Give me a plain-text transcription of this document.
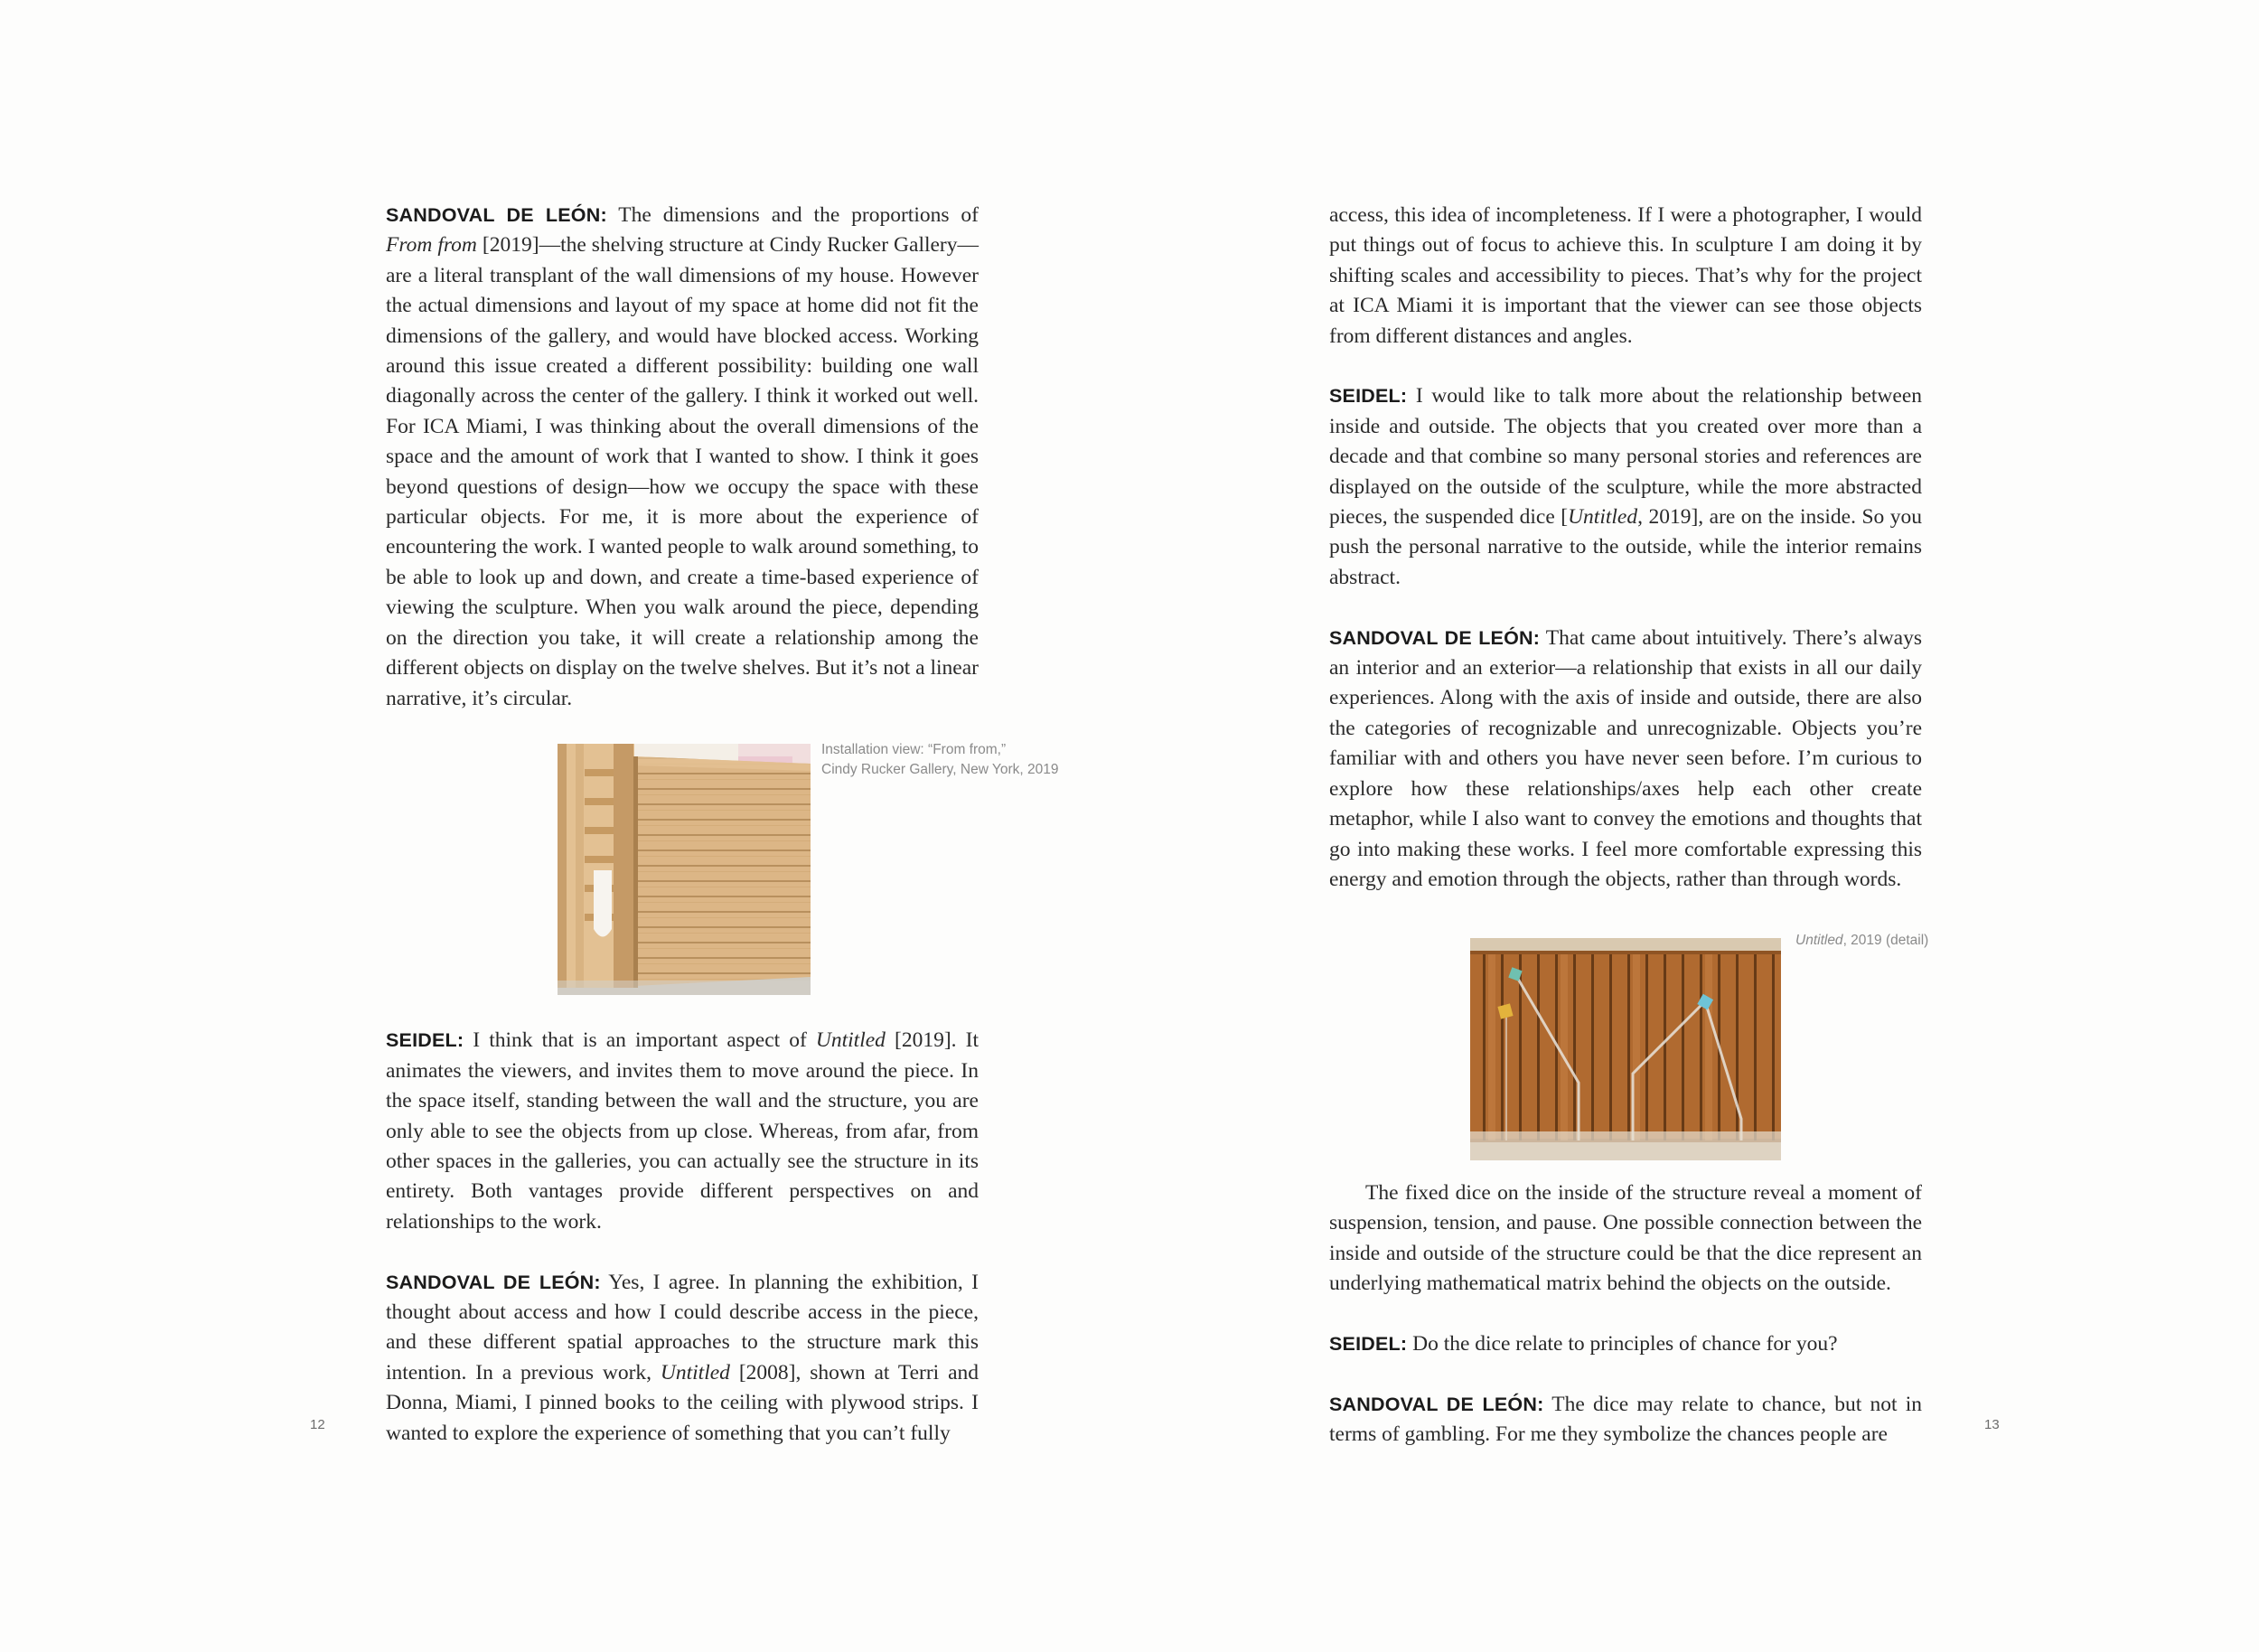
SANDOVAL DE LEÓN: The dimensions and the proportions of From from [2019]—the shelving structure at Cindy Rucker Gallery—are a literal transplant of the wall dimensions of my house. However the actual dimensions and layout of my space at home did not fit the dimensions of the gallery, and would have blocked access. Working around this issue created a different possibility: building one wall diagonally across the center of the gallery. I think it worked out well. For ICA Miami, I was thinking about the overall dimensions of the space and the amount of work that I wanted to show. I think it goes beyond questions of design—how we occupy the space with these particular objects. For me, it is more about the experience of encountering the work. I wanted people to walk around something, to be able to look up and down, and create a time-based experience of viewing the sculpture. When you walk around the piece, depending on the direction you take, it will create a relationship among the different objects on display on the twelve shelves. But it’s not a linear narrative, it’s circular.

Installation view: “From from,”
Cindy Rucker Gallery, New York, 2019

SEIDEL: I think that is an important aspect of Untitled [2019]. It animates the viewers, and invites them to move around the piece. In the space itself, standing between the wall and the structure, you are only able to see the objects from up close. Whereas, from afar, from other spaces in the galleries, you can actually see the structure in its entirety. Both vantages provide different perspectives on and relationships to the work.

SANDOVAL DE LEÓN: Yes, I agree. In planning the exhibition, I thought about access and how I could describe access in the piece, and these different spatial approaches to the structure mark this intention. In a previous work, Untitled [2008], shown at Terri and Donna, Miami, I pinned books to the ceiling with plywood strips. I wanted to explore the experience of something that you can’t fully

12

access, this idea of incompleteness. If I were a photographer, I would put things out of focus to achieve this. In sculpture I am doing it by shifting scales and accessibility to pieces. That’s why for the project at ICA Miami it is important that the viewer can see those objects from different distances and angles.

SEIDEL: I would like to talk more about the relationship between inside and outside. The objects that you created over more than a decade and that combine so many personal stories and references are displayed on the outside of the sculpture, while the more abstracted pieces, the suspended dice [Untitled, 2019], are on the inside. So you push the personal narrative to the outside, while the interior remains abstract.

SANDOVAL DE LEÓN: That came about intuitively. There’s always an interior and an exterior—a relationship that exists in all our daily experiences. Along with the axis of inside and outside, there are also the categories of recognizable and unrecognizable. Objects you’re familiar with and others you have never seen before. I’m curious to explore how these relationships/axes help each other create metaphor, while I also want to convey the emotions and thoughts that go into making these works. I feel more comfortable expressing this energy and emotion through the objects, rather than through words.

Untitled, 2019 (detail)

The fixed dice on the inside of the structure reveal a moment of suspension, tension, and pause. One possible connection between the inside and outside of the structure could be that the dice represent an underlying mathematical matrix behind the objects on the outside.

SEIDEL: Do the dice relate to principles of chance for you?

SANDOVAL DE LEÓN: The dice may relate to chance, but not in terms of gambling. For me they symbolize the chances people are	13
